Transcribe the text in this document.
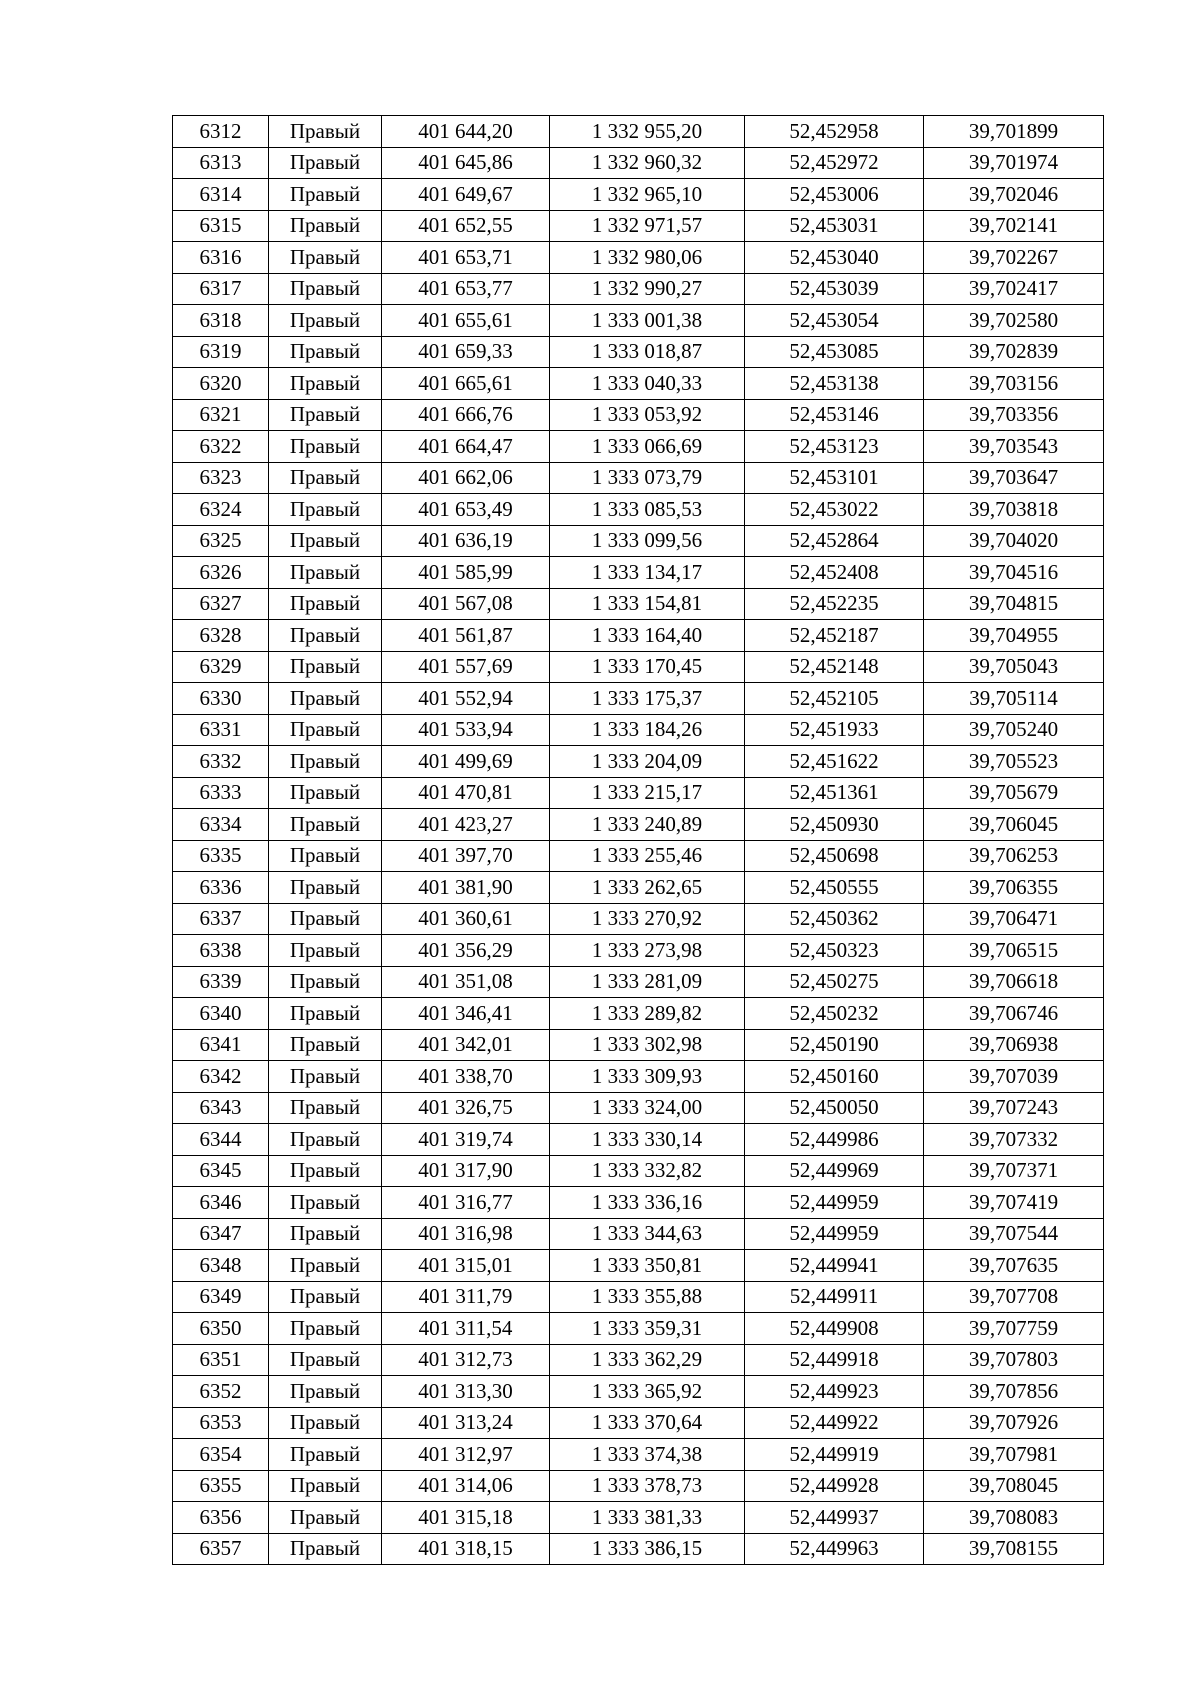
6312	Правый	401 644,20	1 332 955,20	52,452958	39,701899
6313	Правый	401 645,86	1 332 960,32	52,452972	39,701974
6314	Правый	401 649,67	1 332 965,10	52,453006	39,702046
6315	Правый	401 652,55	1 332 971,57	52,453031	39,702141
6316	Правый	401 653,71	1 332 980,06	52,453040	39,702267
6317	Правый	401 653,77	1 332 990,27	52,453039	39,702417
6318	Правый	401 655,61	1 333 001,38	52,453054	39,702580
6319	Правый	401 659,33	1 333 018,87	52,453085	39,702839
6320	Правый	401 665,61	1 333 040,33	52,453138	39,703156
6321	Правый	401 666,76	1 333 053,92	52,453146	39,703356
6322	Правый	401 664,47	1 333 066,69	52,453123	39,703543
6323	Правый	401 662,06	1 333 073,79	52,453101	39,703647
6324	Правый	401 653,49	1 333 085,53	52,453022	39,703818
6325	Правый	401 636,19	1 333 099,56	52,452864	39,704020
6326	Правый	401 585,99	1 333 134,17	52,452408	39,704516
6327	Правый	401 567,08	1 333 154,81	52,452235	39,704815
6328	Правый	401 561,87	1 333 164,40	52,452187	39,704955
6329	Правый	401 557,69	1 333 170,45	52,452148	39,705043
6330	Правый	401 552,94	1 333 175,37	52,452105	39,705114
6331	Правый	401 533,94	1 333 184,26	52,451933	39,705240
6332	Правый	401 499,69	1 333 204,09	52,451622	39,705523
6333	Правый	401 470,81	1 333 215,17	52,451361	39,705679
6334	Правый	401 423,27	1 333 240,89	52,450930	39,706045
6335	Правый	401 397,70	1 333 255,46	52,450698	39,706253
6336	Правый	401 381,90	1 333 262,65	52,450555	39,706355
6337	Правый	401 360,61	1 333 270,92	52,450362	39,706471
6338	Правый	401 356,29	1 333 273,98	52,450323	39,706515
6339	Правый	401 351,08	1 333 281,09	52,450275	39,706618
6340	Правый	401 346,41	1 333 289,82	52,450232	39,706746
6341	Правый	401 342,01	1 333 302,98	52,450190	39,706938
6342	Правый	401 338,70	1 333 309,93	52,450160	39,707039
6343	Правый	401 326,75	1 333 324,00	52,450050	39,707243
6344	Правый	401 319,74	1 333 330,14	52,449986	39,707332
6345	Правый	401 317,90	1 333 332,82	52,449969	39,707371
6346	Правый	401 316,77	1 333 336,16	52,449959	39,707419
6347	Правый	401 316,98	1 333 344,63	52,449959	39,707544
6348	Правый	401 315,01	1 333 350,81	52,449941	39,707635
6349	Правый	401 311,79	1 333 355,88	52,449911	39,707708
6350	Правый	401 311,54	1 333 359,31	52,449908	39,707759
6351	Правый	401 312,73	1 333 362,29	52,449918	39,707803
6352	Правый	401 313,30	1 333 365,92	52,449923	39,707856
6353	Правый	401 313,24	1 333 370,64	52,449922	39,707926
6354	Правый	401 312,97	1 333 374,38	52,449919	39,707981
6355	Правый	401 314,06	1 333 378,73	52,449928	39,708045
6356	Правый	401 315,18	1 333 381,33	52,449937	39,708083
6357	Правый	401 318,15	1 333 386,15	52,449963	39,708155
